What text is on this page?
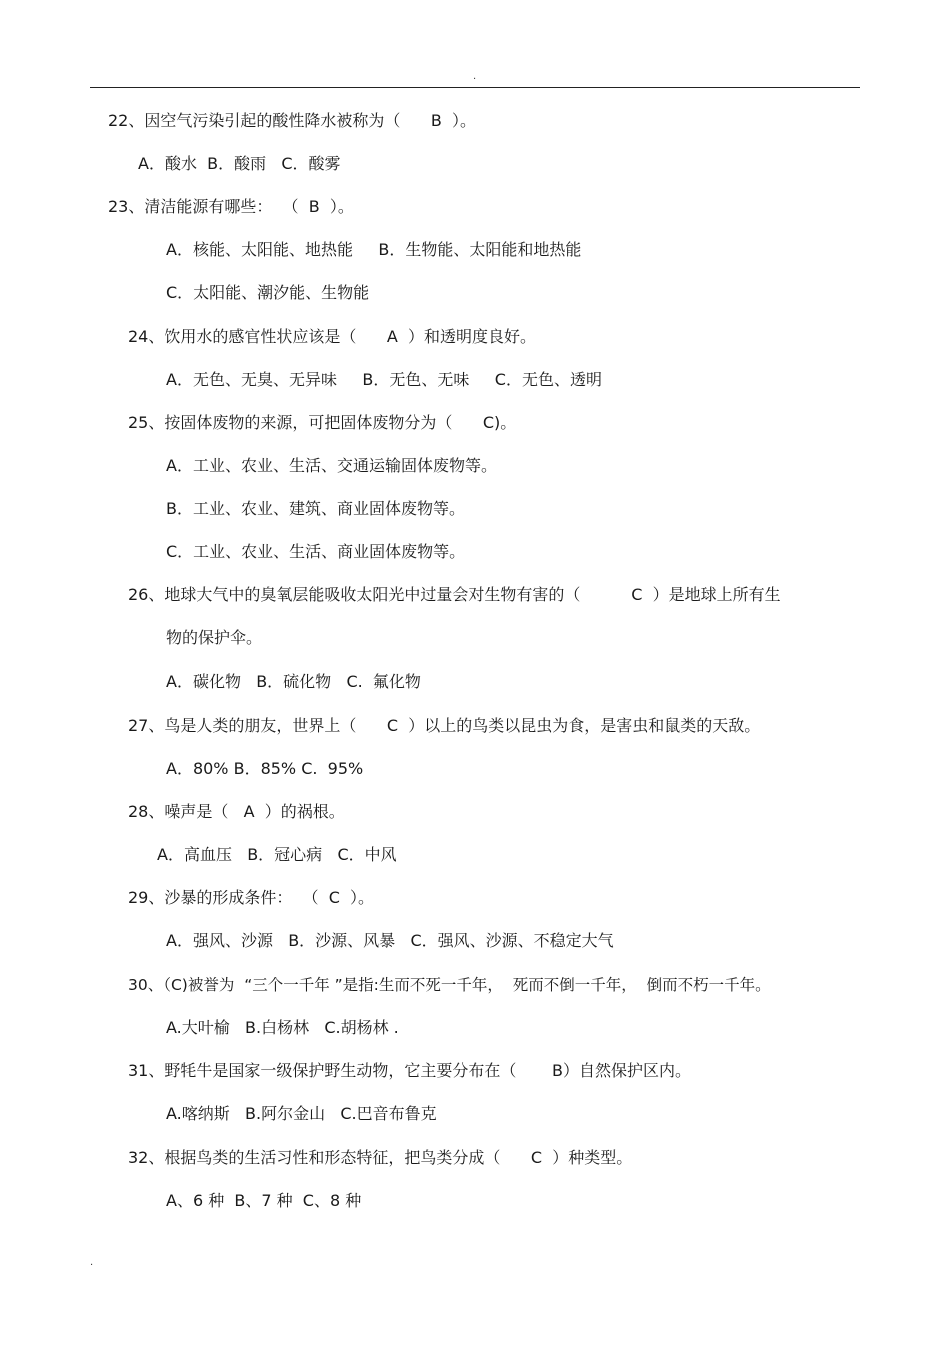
.
22、因空气污染引起的酸性降水被称为（      B  ）。
A．酸水  B．酸雨   C．酸雾
23、清洁能源有哪些：  （  B  ）。
A．核能、太阳能、地热能     B．生物能、太阳能和地热能
C．太阳能、潮汐能、生物能
24、饮用水的感官性状应该是（      A  ）和透明度良好。
A．无色、无臭、无异味     B．无色、无味     C．无色、透明
25、按固体废物的来源，可把固体废物分为（      C)。
A．工业、农业、生活、交通运输固体废物等。
B．工业、农业、建筑、商业固体废物等。
C．工业、农业、生活、商业固体废物等。
26、地球大气中的臭氧层能吸收太阳光中过量会对生物有害的（          C  ）是地球上所有生
物的保护伞。
A．碳化物   B．硫化物   C.  氟化物
27、鸟是人类的朋友，世界上（      C  ）以上的鸟类以昆虫为食，是害虫和鼠类的天敌。
A．80% B．85% C.  95%
28、噪声是（   A  ）的祸根。
A．高血压   B．冠心病   C．中风
29、沙暴的形成条件：  （  C  ）。
A．强风、沙源   B．沙源、风暴   C．强风、沙源、不稳定大气
30、（C)被誉为  “三个一千年 ”是指:生而不死一千年，  死而不倒一千年，  倒而不朽一千年。
A.大叶榆   B.白杨林   C.胡杨林 .
31、野牦牛是国家一级保护野生动物，它主要分布在（       B）自然保护区内。
A.喀纳斯   B.阿尔金山   C.巴音布鲁克
32、根据鸟类的生活习性和形态特征，把鸟类分成（      C  ）种类型。
A、6 种  B、7 种  C、8 种
.
